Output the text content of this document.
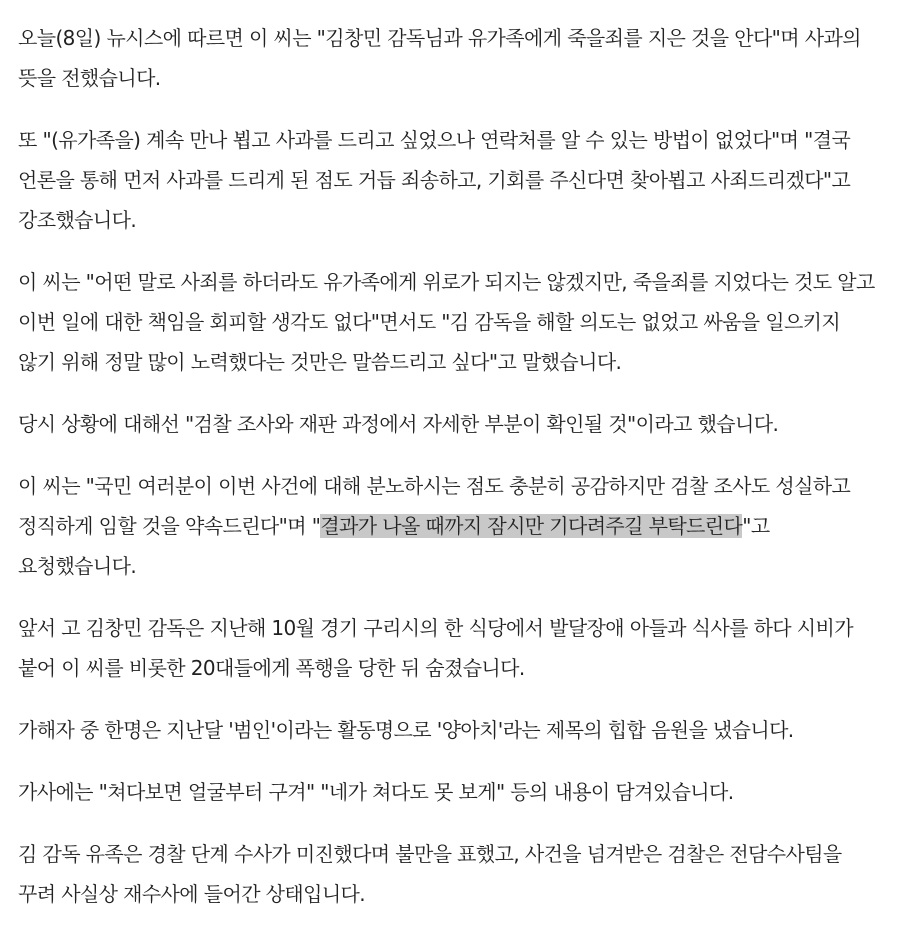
오늘(8일) 뉴시스에 따르면 이 씨는 "김창민 감독님과 유가족에게 죽을죄를 지은 것을 안다"며 사과의 뜻을 전했습니다.

또 "(유가족을) 계속 만나 뵙고 사과를 드리고 싶었으나 연락처를 알 수 있는 방법이 없었다"며 "결국 언론을 통해 먼저 사과를 드리게 된 점도 거듭 죄송하고, 기회를 주신다면 찾아뵙고 사죄드리겠다"고 강조했습니다.

이 씨는 "어떤 말로 사죄를 하더라도 유가족에게 위로가 되지는 않겠지만, 죽을죄를 지었다는 것도 알고 이번 일에 대한 책임을 회피할 생각도 없다"면서도 "김 감독을 해할 의도는 없었고 싸움을 일으키지 않기 위해 정말 많이 노력했다는 것만은 말씀드리고 싶다"고 말했습니다.

당시 상황에 대해선 "검찰 조사와 재판 과정에서 자세한 부분이 확인될 것"이라고 했습니다.

이 씨는 "국민 여러분이 이번 사건에 대해 분노하시는 점도 충분히 공감하지만 검찰 조사도 성실하고 정직하게 임할 것을 약속드린다"며 "결과가 나올 때까지 잠시만 기다려주길 부탁드린다"고 요청했습니다.

앞서 고 김창민 감독은 지난해 10월 경기 구리시의 한 식당에서 발달장애 아들과 식사를 하다 시비가 붙어 이 씨를 비롯한 20대들에게 폭행을 당한 뒤 숨졌습니다.

가해자 중 한명은 지난달 '범인'이라는 활동명으로 '양아치'라는 제목의 힙합 음원을 냈습니다.

가사에는 "쳐다보면 얼굴부터 구겨" "네가 쳐다도 못 보게" 등의 내용이 담겨있습니다.

김 감독 유족은 경찰 단계 수사가 미진했다며 불만을 표했고, 사건을 넘겨받은 검찰은 전담수사팀을 꾸려 사실상 재수사에 들어간 상태입니다.
